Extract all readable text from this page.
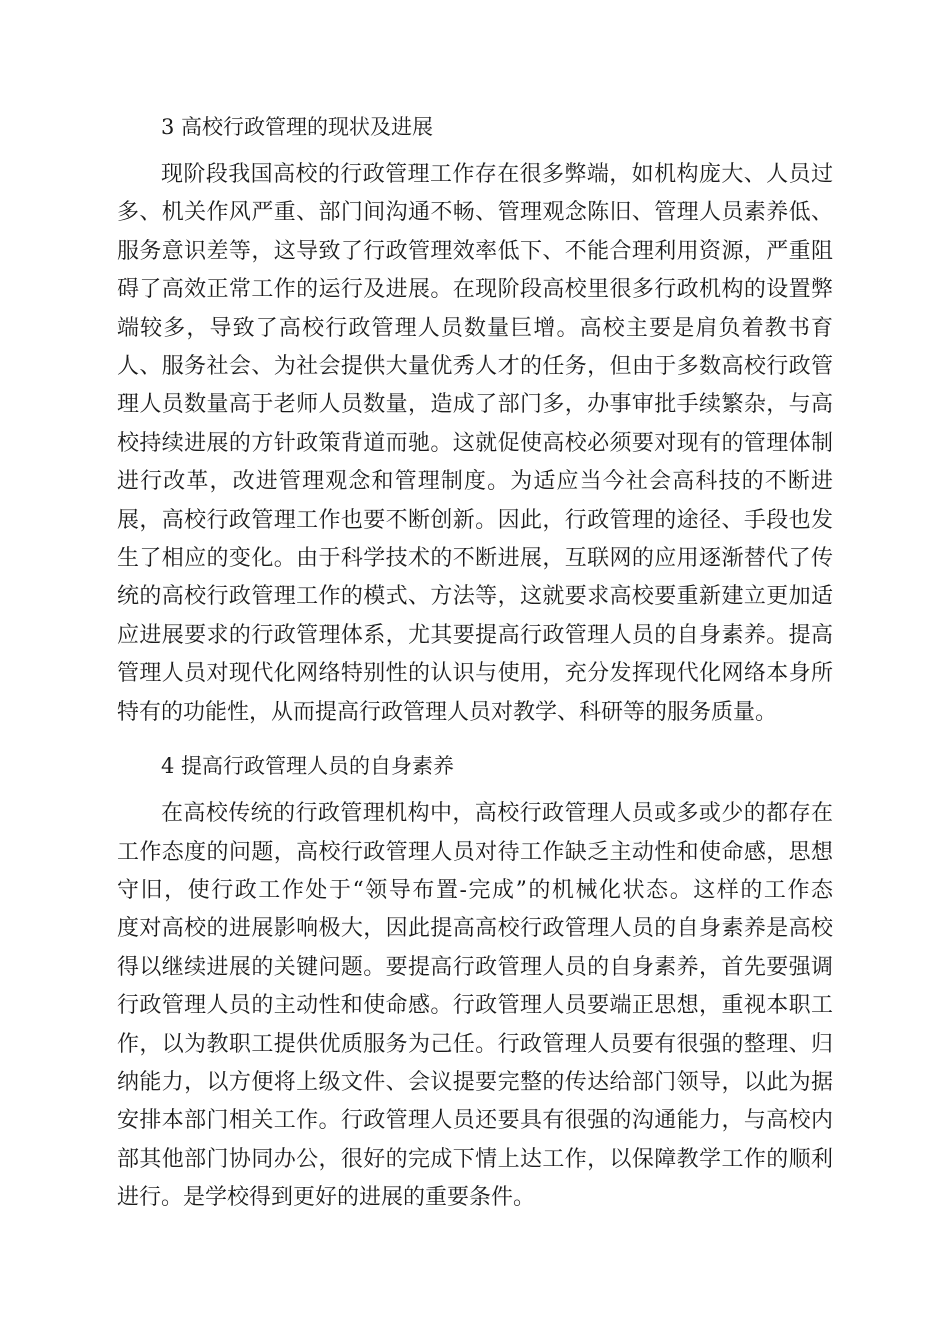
3 高校行政管理的现状及进展

现阶段我国高校的行政管理工作存在很多弊端，如机构庞大、人员过
多、机关作风严重、部门间沟通不畅、管理观念陈旧、管理人员素养低、
服务意识差等，这导致了行政管理效率低下、不能合理利用资源，严重阻
碍了高效正常工作的运行及进展。在现阶段高校里很多行政机构的设置弊
端较多，导致了高校行政管理人员数量巨增。高校主要是肩负着教书育
人、服务社会、为社会提供大量优秀人才的任务，但由于多数高校行政管
理人员数量高于老师人员数量，造成了部门多，办事审批手续繁杂，与高
校持续进展的方针政策背道而驰。这就促使高校必须要对现有的管理体制
进行改革，改进管理观念和管理制度。为适应当今社会高科技的不断进
展，高校行政管理工作也要不断创新。因此，行政管理的途径、手段也发
生了相应的变化。由于科学技术的不断进展，互联网的应用逐渐替代了传
统的高校行政管理工作的模式、方法等，这就要求高校要重新建立更加适
应进展要求的行政管理体系，尤其要提高行政管理人员的自身素养。提高
管理人员对现代化网络特别性的认识与使用，充分发挥现代化网络本身所
特有的功能性，从而提高行政管理人员对教学、科研等的服务质量。

4 提高行政管理人员的自身素养

在高校传统的行政管理机构中，高校行政管理人员或多或少的都存在
工作态度的问题，高校行政管理人员对待工作缺乏主动性和使命感，思想
守旧，使行政工作处于“领导布置-完成”的机械化状态。这样的工作态
度对高校的进展影响极大，因此提高高校行政管理人员的自身素养是高校
得以继续进展的关键问题。要提高行政管理人员的自身素养，首先要强调
行政管理人员的主动性和使命感。行政管理人员要端正思想，重视本职工
作，以为教职工提供优质服务为己任。行政管理人员要有很强的整理、归
纳能力，以方便将上级文件、会议提要完整的传达给部门领导，以此为据
安排本部门相关工作。行政管理人员还要具有很强的沟通能力，与高校内
部其他部门协同办公，很好的完成下情上达工作，以保障教学工作的顺利
进行。是学校得到更好的进展的重要条件。
